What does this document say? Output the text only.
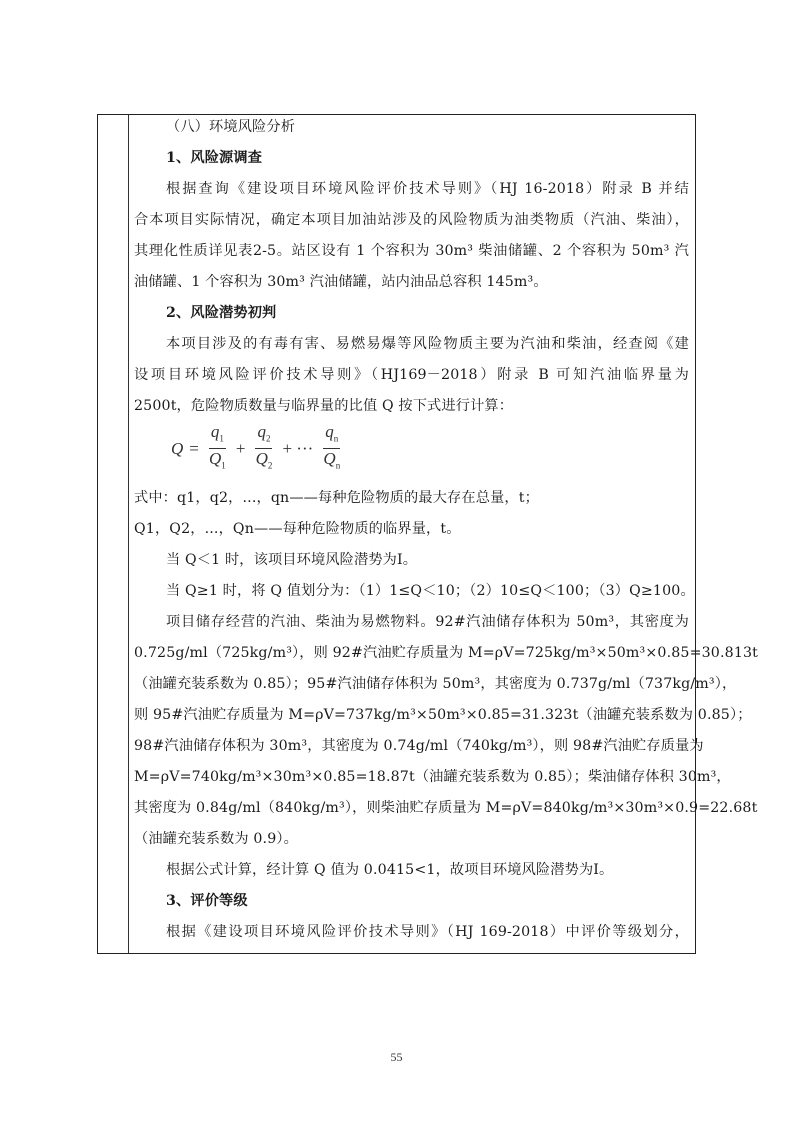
（八）环境风险分析
1、风险源调查
根据查询《建设项目环境风险评价技术导则》（HJ 16-2018）附录 B 并结
合本项目实际情况，确定本项目加油站涉及的风险物质为油类物质（汽油、柴油），
其理化性质详见表2-5。站区设有 1 个容积为 30m³ 柴油储罐、2 个容积为 50m³ 汽
油储罐、1 个容积为 30m³ 汽油储罐，站内油品总容积 145m³。
2、风险潜势初判
本项目涉及的有毒有害、易燃易爆等风险物质主要为汽油和柴油，经查阅《建
设项目环境风险评价技术导则》（HJ169－2018）附录 B 可知汽油临界量为
2500t，危险物质数量与临界量的比值 Q 按下式进行计算：
$Q = \frac{q_1}{Q_1} + \frac{q_2}{Q_2}$ + ··· $\frac{q_n}{Q_n}$
式中：q1，q2，...，qn——每种危险物质的最大存在总量，t；
Q1，Q2，...，Qn——每种危险物质的临界量，t。
当 Q＜1 时，该项目环境风险潜势为Ⅰ。
当 Q≥1 时，将 Q 值划分为：（1）1≤Q＜10；（2）10≤Q＜100；（3）Q≥100。
项目储存经营的汽油、柴油为易燃物料。92#汽油储存体积为 50m³，其密度为
0.725g/ml（725kg/m³），则 92#汽油贮存质量为 M=ρV=725kg/m³×50m³×0.85=30.813t
（油罐充装系数为 0.85）；95#汽油储存体积为 50m³，其密度为 0.737g/ml（737kg/m³），
则 95#汽油贮存质量为 M=ρV=737kg/m³×50m³×0.85=31.323t（油罐充装系数为 0.85）；
98#汽油储存体积为 30m³，其密度为 0.74g/ml（740kg/m³），则 98#汽油贮存质量为
M=ρV=740kg/m³×30m³×0.85=18.87t（油罐充装系数为 0.85）；柴油储存体积 30m³，
其密度为 0.84g/ml（840kg/m³），则柴油贮存质量为 M=ρV=840kg/m³×30m³×0.9=22.68t
（油罐充装系数为 0.9）。
根据公式计算，经计算 Q 值为 0.0415<1，故项目环境风险潜势为Ⅰ。
3、评价等级
根据《建设项目环境风险评价技术导则》（HJ 169-2018）中评价等级划分，
55
